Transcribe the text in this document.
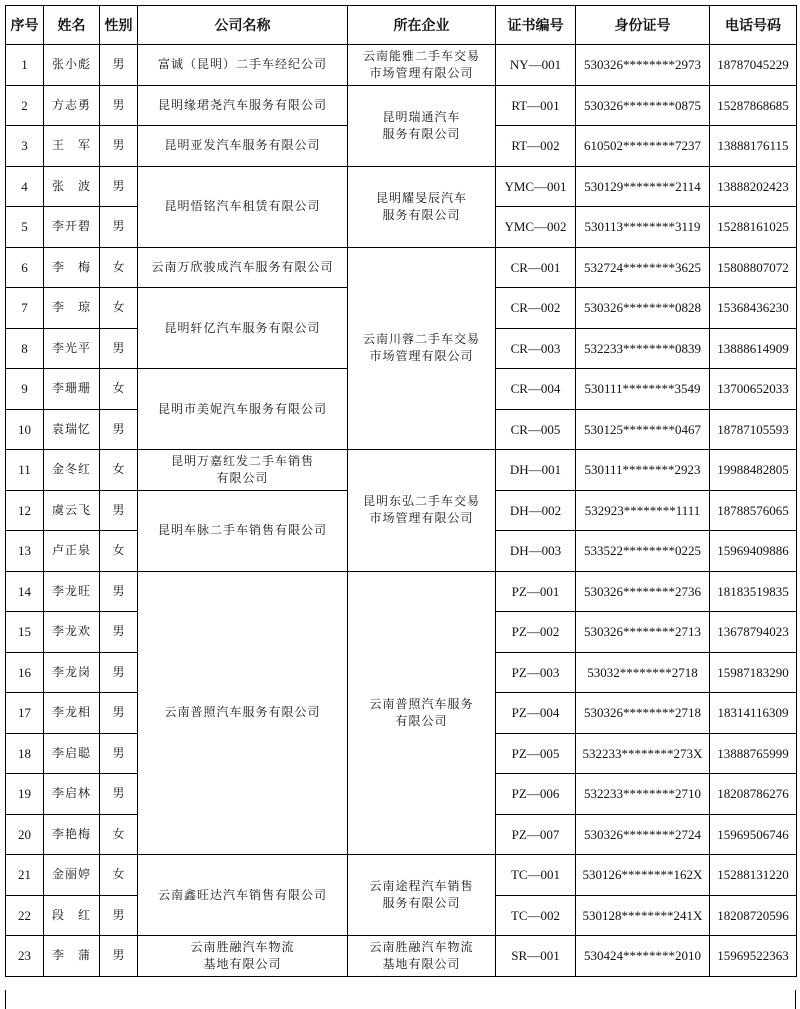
序号	姓名	性别	公司名称	所在企业	证书编号	身份证号	电话号码
1	张小彪	男	富诚（昆明）二手车经纪公司	云南能雅二手车交易
市场管理有限公司	NY—001	530326********2973	18787045229
2	方志勇	男	昆明缘珺尧汽车服务有限公司	昆明瑞通汽车
服务有限公司	RT—001	530326********0875	15287868685
3	王　军	男	昆明亚发汽车服务有限公司		RT—002	610502********7237	13888176115
4	张　波	男	昆明悟铭汽车租赁有限公司	昆明耀旻辰汽车
服务有限公司	YMC—001	530129********2114	13888202423
5	李开碧	男			YMC—002	530113********3119	15288161025
6	李　梅	女	云南万欣骏成汽车服务有限公司	云南川蓉二手车交易
市场管理有限公司	CR—001	532724********3625	15808807072
7	李　琼	女	昆明轩亿汽车服务有限公司		CR—002	530326********0828	15368436230
8	李光平	男			CR—003	532233********0839	13888614909
9	李珊珊	女	昆明市美妮汽车服务有限公司		CR—004	530111********3549	13700652033
10	袁瑞忆	男			CR—005	530125********0467	18787105593
11	金冬红	女	昆明万嘉红发二手车销售
有限公司	昆明东弘二手车交易
市场管理有限公司	DH—001	530111********2923	19988482805
12	虞云飞	男	昆明车脉二手车销售有限公司		DH—002	532923********1111	18788576065
13	卢正泉	女			DH—003	533522********0225	15969409886
14	李龙旺	男	云南普照汽车服务有限公司	云南普照汽车服务
有限公司	PZ—001	530326********2736	18183519835
15	李龙欢	男			PZ—002	530326********2713	13678794023
16	李龙岗	男			PZ—003	53032********2718	15987183290
17	李龙相	男			PZ—004	530326********2718	18314116309
18	李启聪	男			PZ—005	532233********273X	13888765999
19	李启林	男			PZ—006	532233********2710	18208786276
20	李艳梅	女			PZ—007	530326********2724	15969506746
21	金丽婷	女	云南鑫旺达汽车销售有限公司	云南途程汽车销售
服务有限公司	TC—001	530126********162X	15288131220
22	段　红	男			TC—002	530128********241X	18208720596
23	李　蒲	男	云南胜融汽车物流
基地有限公司	云南胜融汽车物流
基地有限公司	SR—001	530424********2010	15969522363
